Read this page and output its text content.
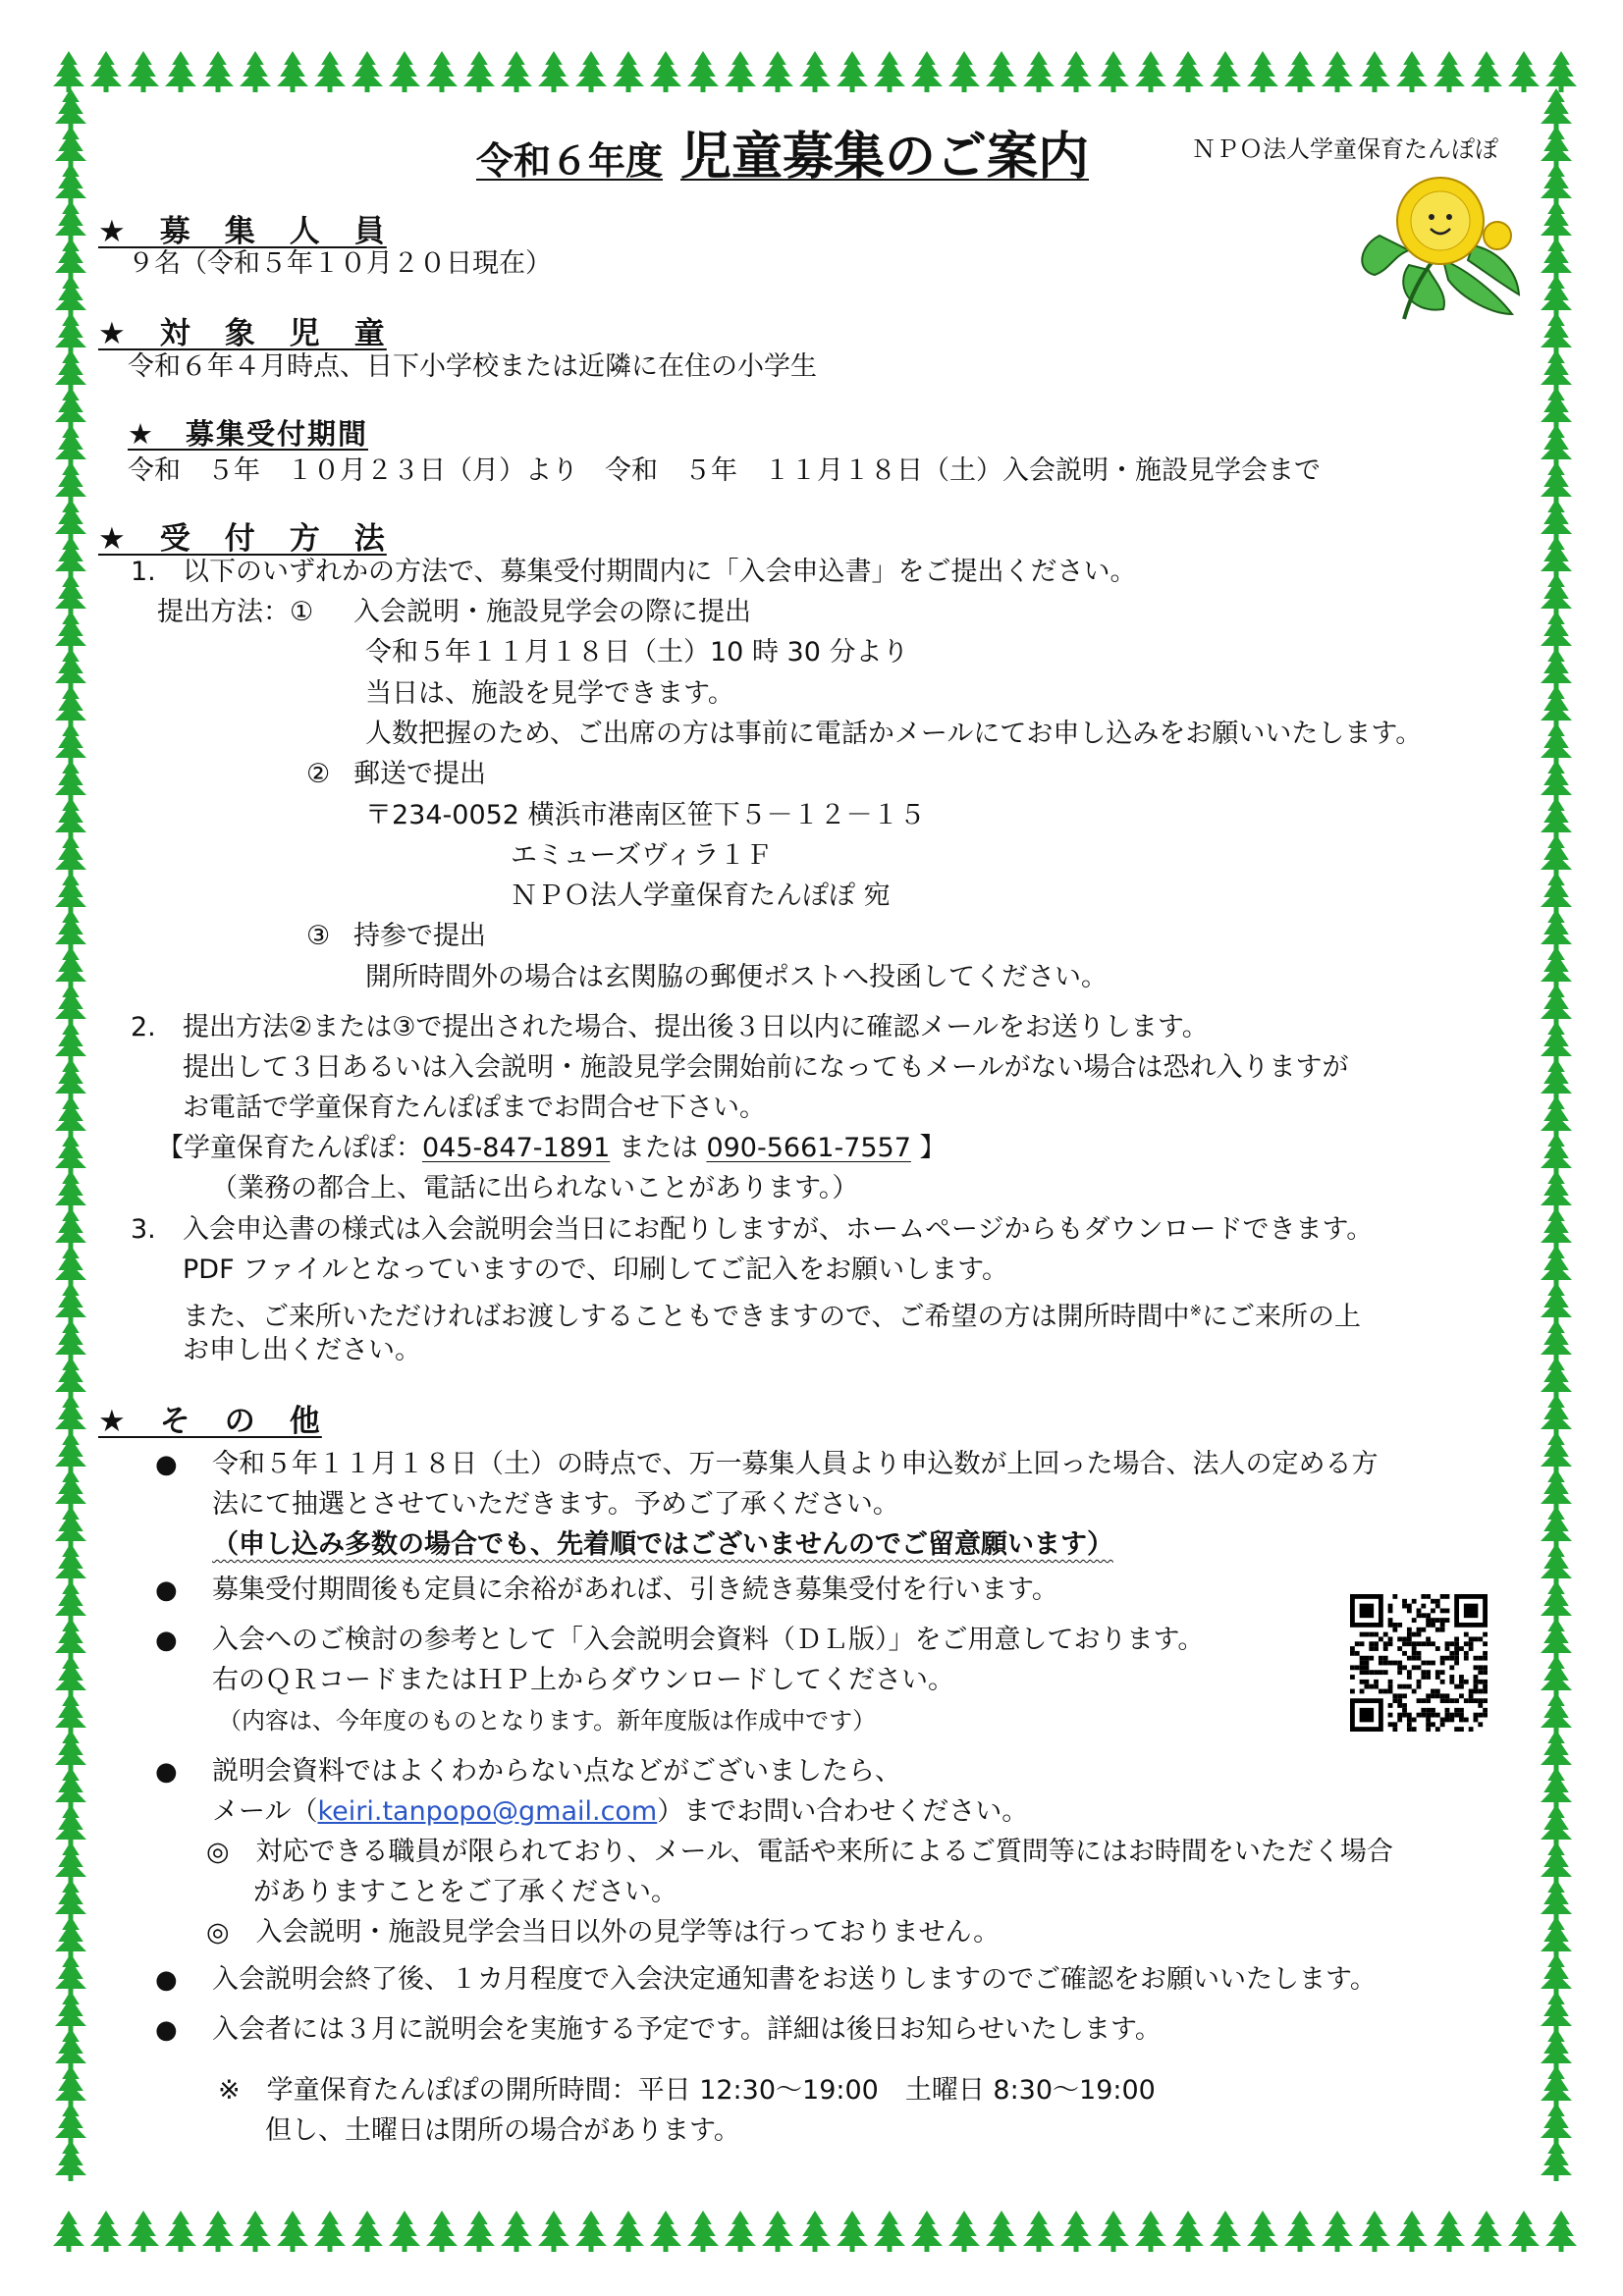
令和６年度 児童募集のご案内	ＮＰＯ法人学童保育たんぽぽ
★　募　集　人　員
９名（令和５年１０月２０日現在）
★　対　象　児　童
令和６年４月時点、日下小学校または近隣に在住の小学生
★　募集受付期間
令和　５年　１０月２３日（月）より　令和　５年　１１月１８日（土）入会説明・施設見学会まで
★　受　付　方　法
1. 以下のいずれかの方法で、募集受付期間内に「入会申込書」をご提出ください。
提出方法：① 入会説明・施設見学会の際に提出
令和５年１１月１８日（土）10 時 30 分より
当日は、施設を見学できます。
人数把握のため、ご出席の方は事前に電話かメールにてお申し込みをお願いいたします。
② 郵送で提出
〒234-0052 横浜市港南区笹下５－１２－１５
エミューズヴィラ１Ｆ
ＮＰＯ法人学童保育たんぽぽ 宛
③ 持参で提出
開所時間外の場合は玄関脇の郵便ポストへ投函してください。
2. 提出方法②または③で提出された場合、提出後３日以内に確認メールをお送りします。
提出して３日あるいは入会説明・施設見学会開始前になってもメールがない場合は恐れ入りますが
お電話で学童保育たんぽぽまでお問合せ下さい。
【学童保育たんぽぽ：045-847-1891 または 090-5661-7557 】
（業務の都合上、電話に出られないことがあります。）
3. 入会申込書の様式は入会説明会当日にお配りしますが、ホームページからもダウンロードできます。
PDF ファイルとなっていますので、印刷してご記入をお願いします。
また、ご来所いただければお渡しすることもできますので、ご希望の方は開所時間中※にご来所の上
お申し出ください。
★　そ　の　他
● 令和５年１１月１８日（土）の時点で、万一募集人員より申込数が上回った場合、法人の定める方
法にて抽選とさせていただきます。予めご了承ください。
（申し込み多数の場合でも、先着順ではございませんのでご留意願います）
● 募集受付期間後も定員に余裕があれば、引き続き募集受付を行います。
● 入会へのご検討の参考として「入会説明会資料（ＤＬ版）」をご用意しております。
右のＱＲコードまたはＨＰ上からダウンロードしてください。
（内容は、今年度のものとなります。新年度版は作成中です）
● 説明会資料ではよくわからない点などがございましたら、
メール（keiri.tanpopo@gmail.com）までお問い合わせください。
◎　対応できる職員が限られており、メール、電話や来所によるご質問等にはお時間をいただく場合
がありますことをご了承ください。
◎　入会説明・施設見学会当日以外の見学等は行っておりません。
● 入会説明会終了後、１カ月程度で入会決定通知書をお送りしますのでご確認をお願いいたします。
● 入会者には３月に説明会を実施する予定です。詳細は後日お知らせいたします。
※　学童保育たんぽぽの開所時間：平日 12:30～19:00　土曜日 8:30～19:00
但し、土曜日は閉所の場合があります。
